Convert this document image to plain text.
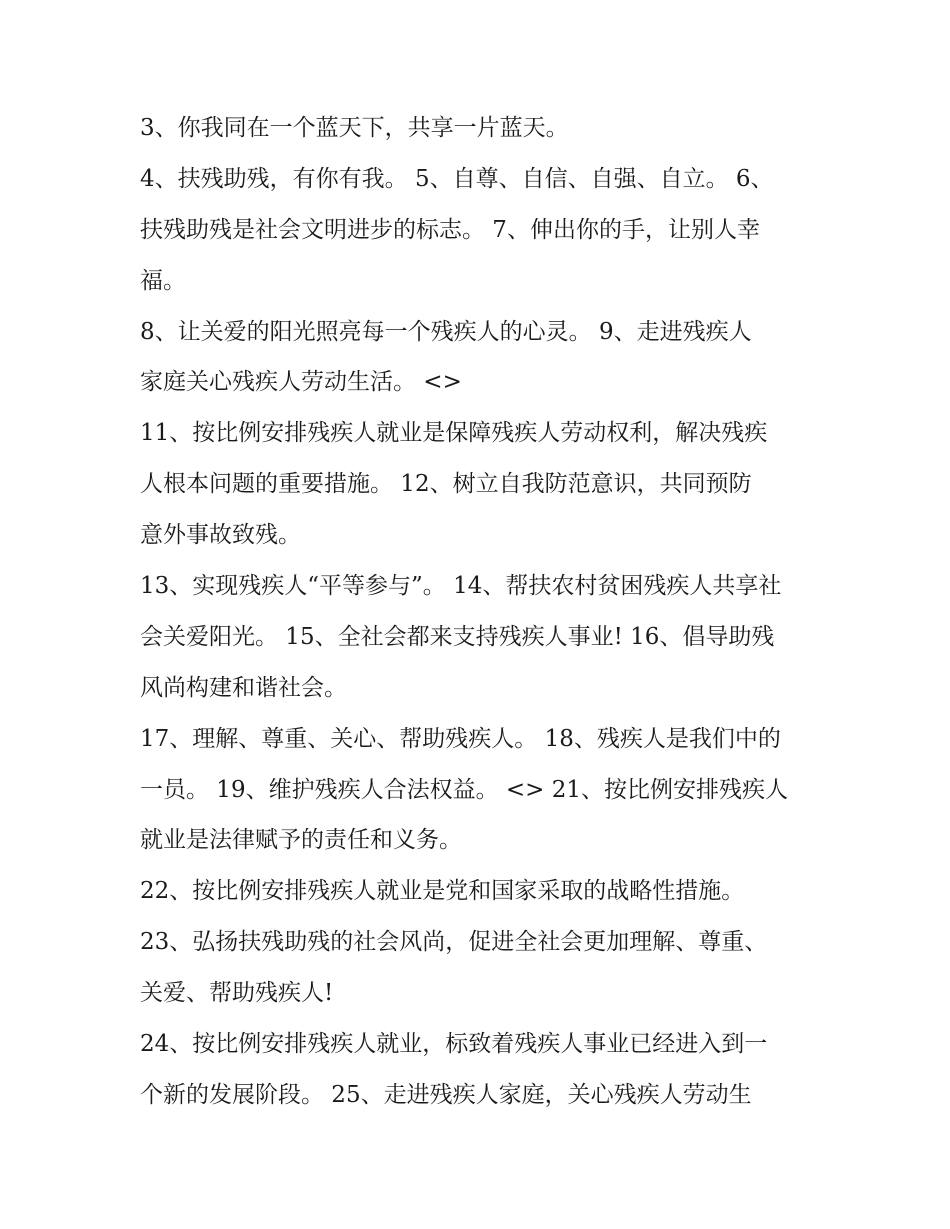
3、你我同在一个蓝天下，共享一片蓝天。
4、扶残助残，有你有我。 5、自尊、自信、自强、自立。 6、
扶残助残是社会文明进步的标志。 7、伸出你的手，让别人幸
福。
8、让关爱的阳光照亮每一个残疾人的心灵。 9、走进残疾人
家庭关心残疾人劳动生活。 <>
11、按比例安排残疾人就业是保障残疾人劳动权利，解决残疾
人根本问题的重要措施。 12、树立自我防范意识，共同预防
意外事故致残。
13、实现残疾人“平等参与”。 14、帮扶农村贫困残疾人共享社
会关爱阳光。 15、全社会都来支持残疾人事业! 16、倡导助残
风尚构建和谐社会。
17、理解、尊重、关心、帮助残疾人。 18、残疾人是我们中的
一员。 19、维护残疾人合法权益。 <> 21、按比例安排残疾人
就业是法律赋予的责任和义务。
22、按比例安排残疾人就业是党和国家采取的战略性措施。
23、弘扬扶残助残的社会风尚，促进全社会更加理解、尊重、
关爱、帮助残疾人!
24、按比例安排残疾人就业，标致着残疾人事业已经进入到一
个新的发展阶段。 25、走进残疾人家庭，关心残疾人劳动生
